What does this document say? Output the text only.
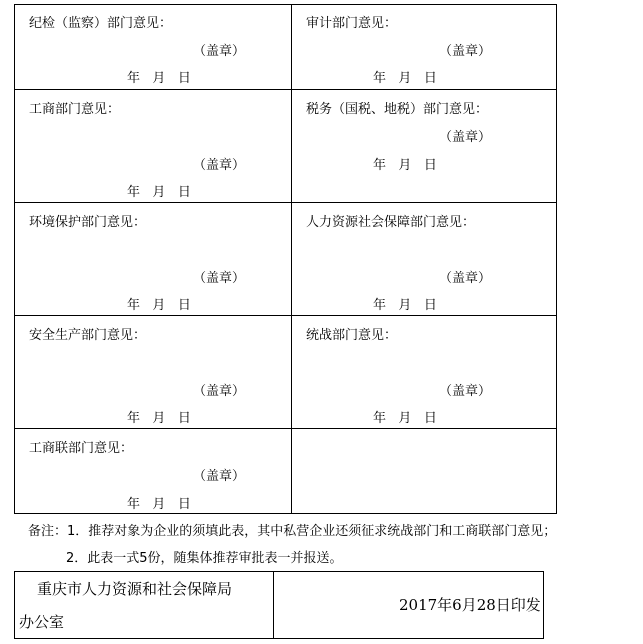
纪检（监察）部门意见：
（盖章）
年 月 日
审计部门意见：
（盖章）
年 月 日
工商部门意见：
（盖章）
年 月 日
税务（国税、地税）部门意见：
（盖章）
年 月 日
环境保护部门意见：
（盖章）
年 月 日
人力资源社会保障部门意见：
（盖章）
年 月 日
安全生产部门意见：
（盖章）
年 月 日
统战部门意见：
（盖章）
年 月 日
工商联部门意见：
（盖章）
年 月 日
备注：1．推荐对象为企业的须填此表，其中私营企业还须征求统战部门和工商联部门意见；
2．此表一式5份，随集体推荐审批表一并报送。
重庆市人力资源和社会保障局
办公室
2017年6月28日印发
